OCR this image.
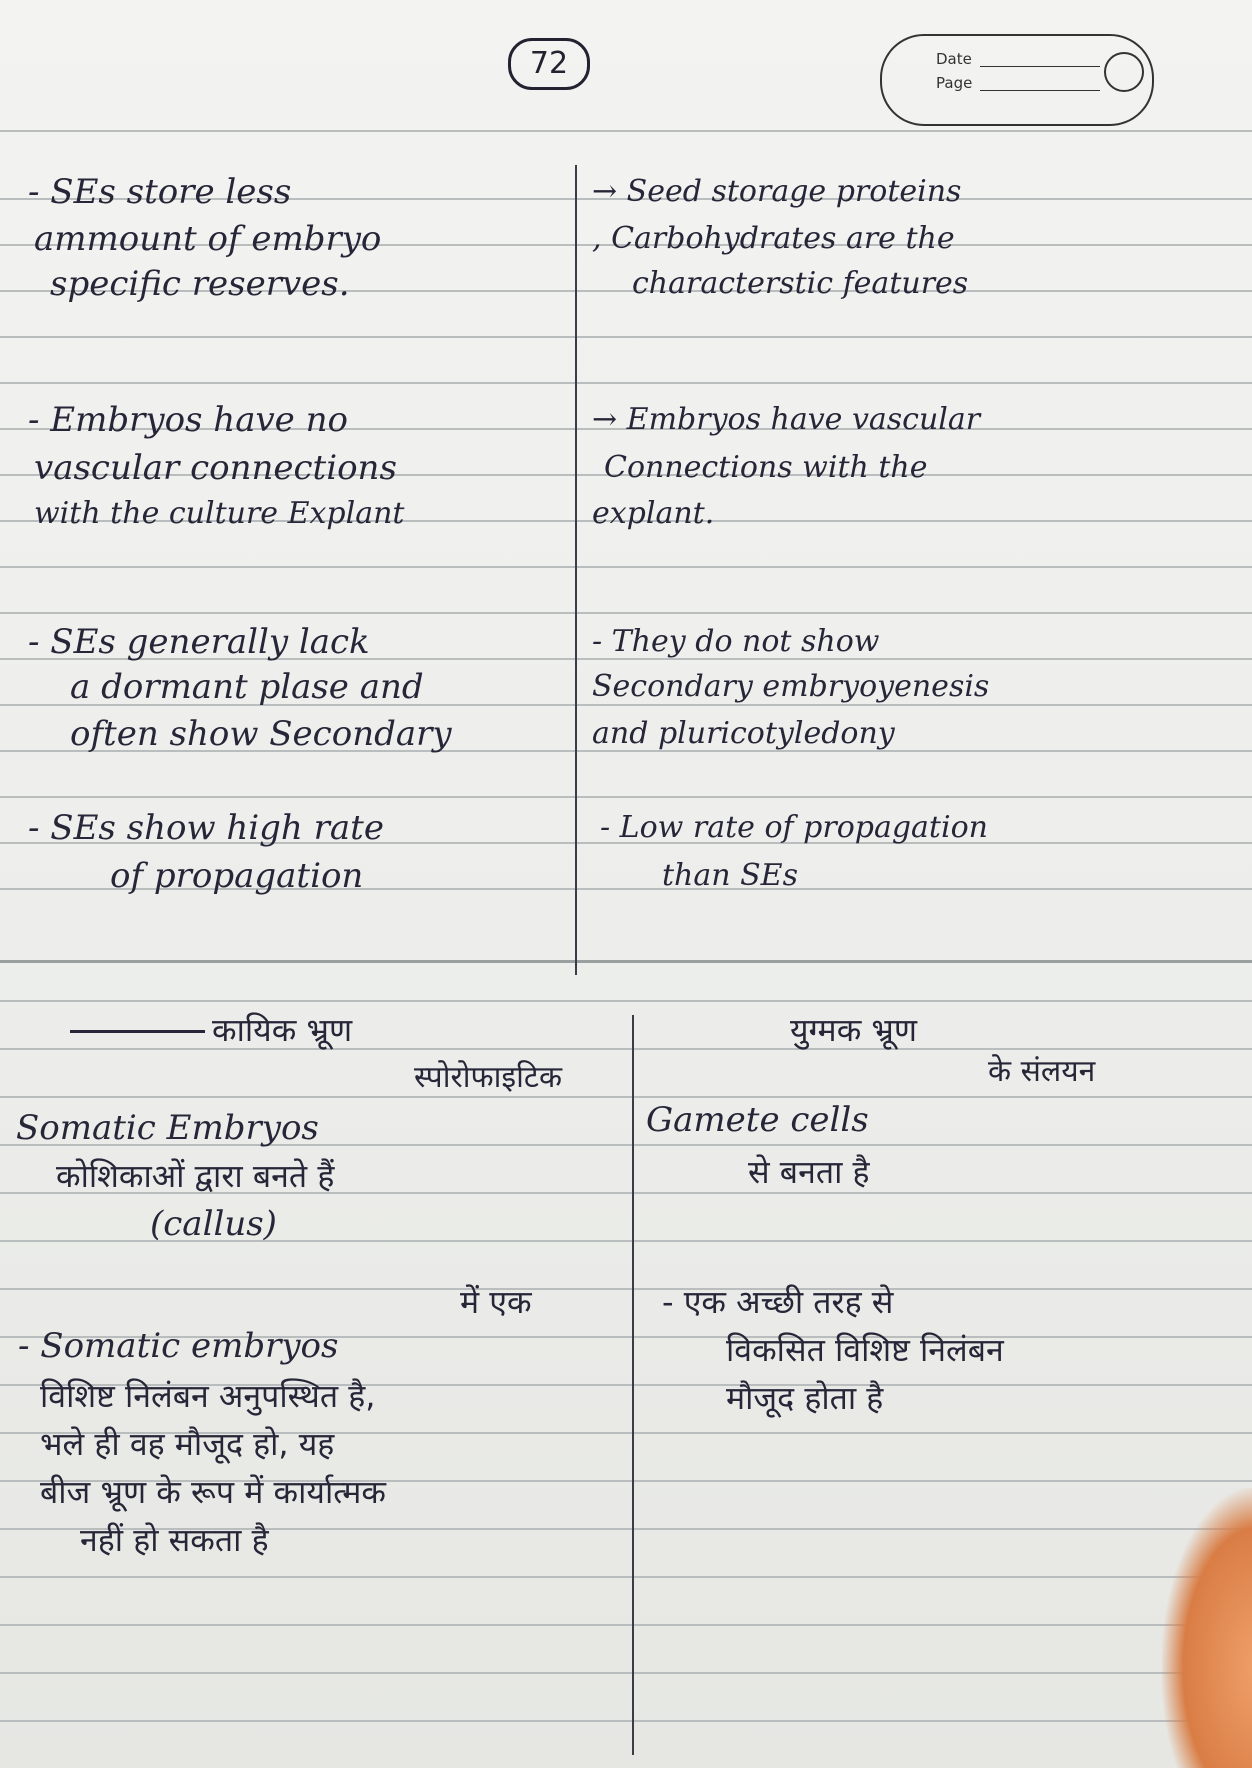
72	Date
Page
- SEs store less
ammount of embryo
specific reserves.
→ Seed storage proteins
, Carbohydrates are the
characterstic features
- Embryos have no
vascular connections
with the culture Explant
→ Embryos have vascular
Connections with the
explant.
- SEs generally lack
a dormant plase and
often show Secondary
- They do not show
Secondary embryoyenesis
and pluricotyledony
- SEs show high rate
of propagation
- Low rate of propagation
than SEs
कायिक भ्रूण	युग्मक भ्रूण
स्पोरोफाइटिक
Somatic Embryos
कोशिकाओं द्वारा बनते हैं
(callus)
के संलयन
Gamete cells
से बनता है
में एक
- Somatic embryos
विशिष्ट निलंबन अनुपस्थित है,
भले ही वह मौजूद हो, यह
बीज भ्रूण के रूप में कार्यात्मक
नहीं हो सकता है
- एक अच्छी तरह से
विकसित विशिष्ट निलंबन
मौजूद होता है
